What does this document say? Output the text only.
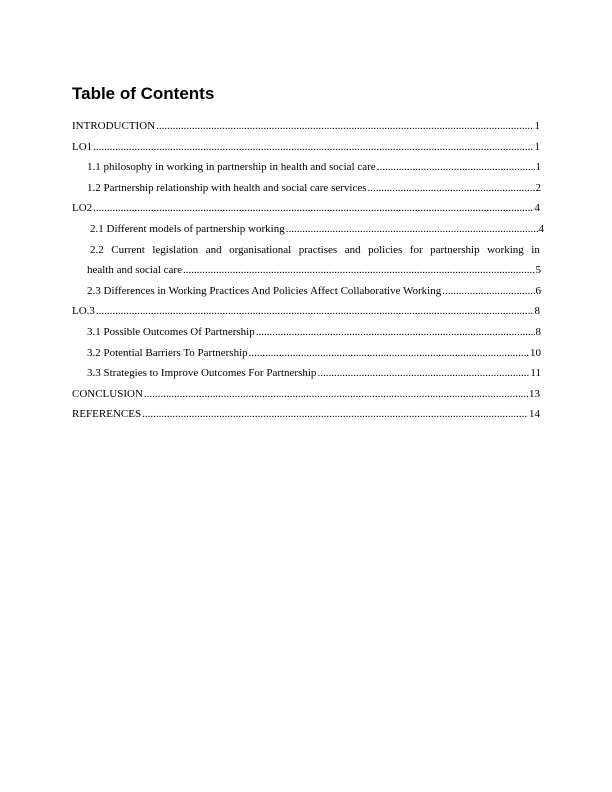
Table of Contents
INTRODUCTION .....	1
LO1 .....	1
1.1 philosophy in working in partnership in health and social care .....	1
1.2 Partnership relationship with health and social care services .....	2
LO2 .....	4
2.1 Different models of partnership working .....	4
2.2 Current legislation and organisational practises and policies for partnership working in
health and social care .....	5
2.3 Differences in Working Practices And Policies Affect Collaborative Working .....	6
LO.3 .....	8
3.1 Possible Outcomes Of Partnership .....	8
3.2 Potential Barriers To Partnership .....	10
3.3 Strategies to Improve Outcomes For Partnership .....	11
CONCLUSION .....	13
REFERENCES .....	14
